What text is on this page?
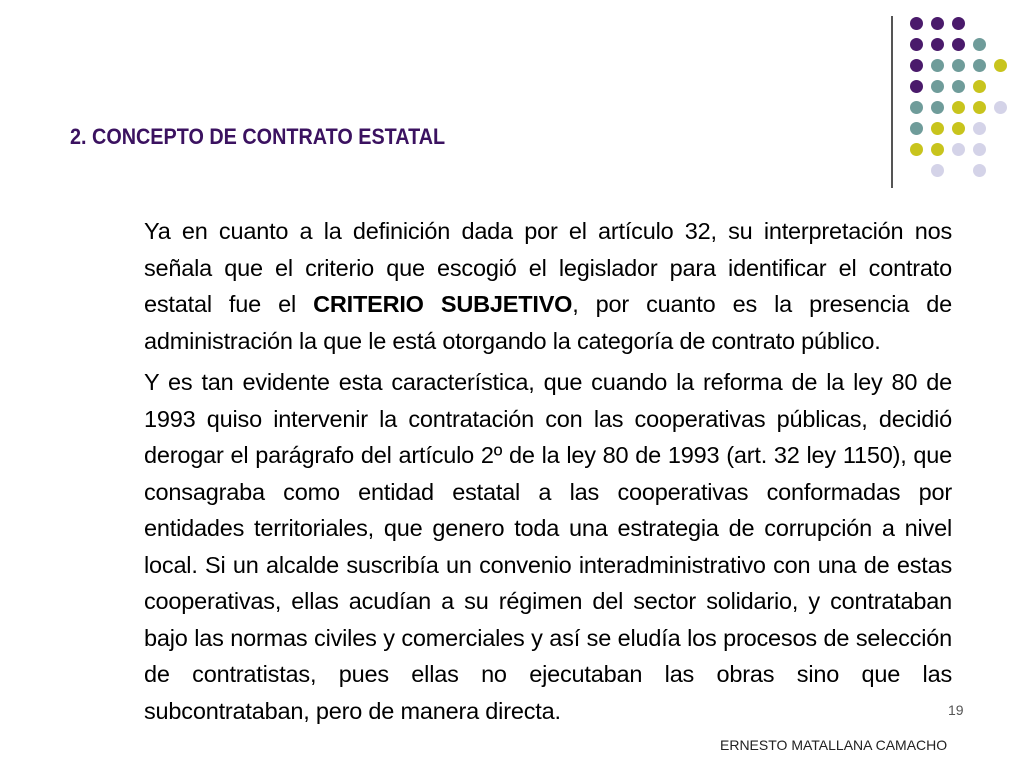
2. CONCEPTO DE CONTRATO ESTATAL

Ya en cuanto a la definición dada por el artículo 32, su interpretación nos señala que el criterio que escogió el legislador para identificar el contrato estatal fue el CRITERIO SUBJETIVO, por cuanto es la presencia de administración la que le está otorgando la categoría de contrato público.

Y es tan evidente esta característica, que cuando la reforma de la ley 80 de 1993 quiso intervenir la contratación con las cooperativas públicas, decidió derogar el parágrafo del artículo 2º de la ley 80 de 1993 (art. 32 ley 1150), que consagraba como entidad estatal a las cooperativas conformadas por entidades territoriales, que genero toda una estrategia de corrupción a nivel local. Si un alcalde suscribía un convenio interadministrativo con una de estas cooperativas, ellas acudían a su régimen del sector solidario, y contrataban bajo las normas civiles y comerciales y así se eludía los procesos de selección de contratistas, pues ellas no ejecutaban las obras sino que las subcontrataban, pero de manera directa.	19
ERNESTO MATALLANA CAMACHO
